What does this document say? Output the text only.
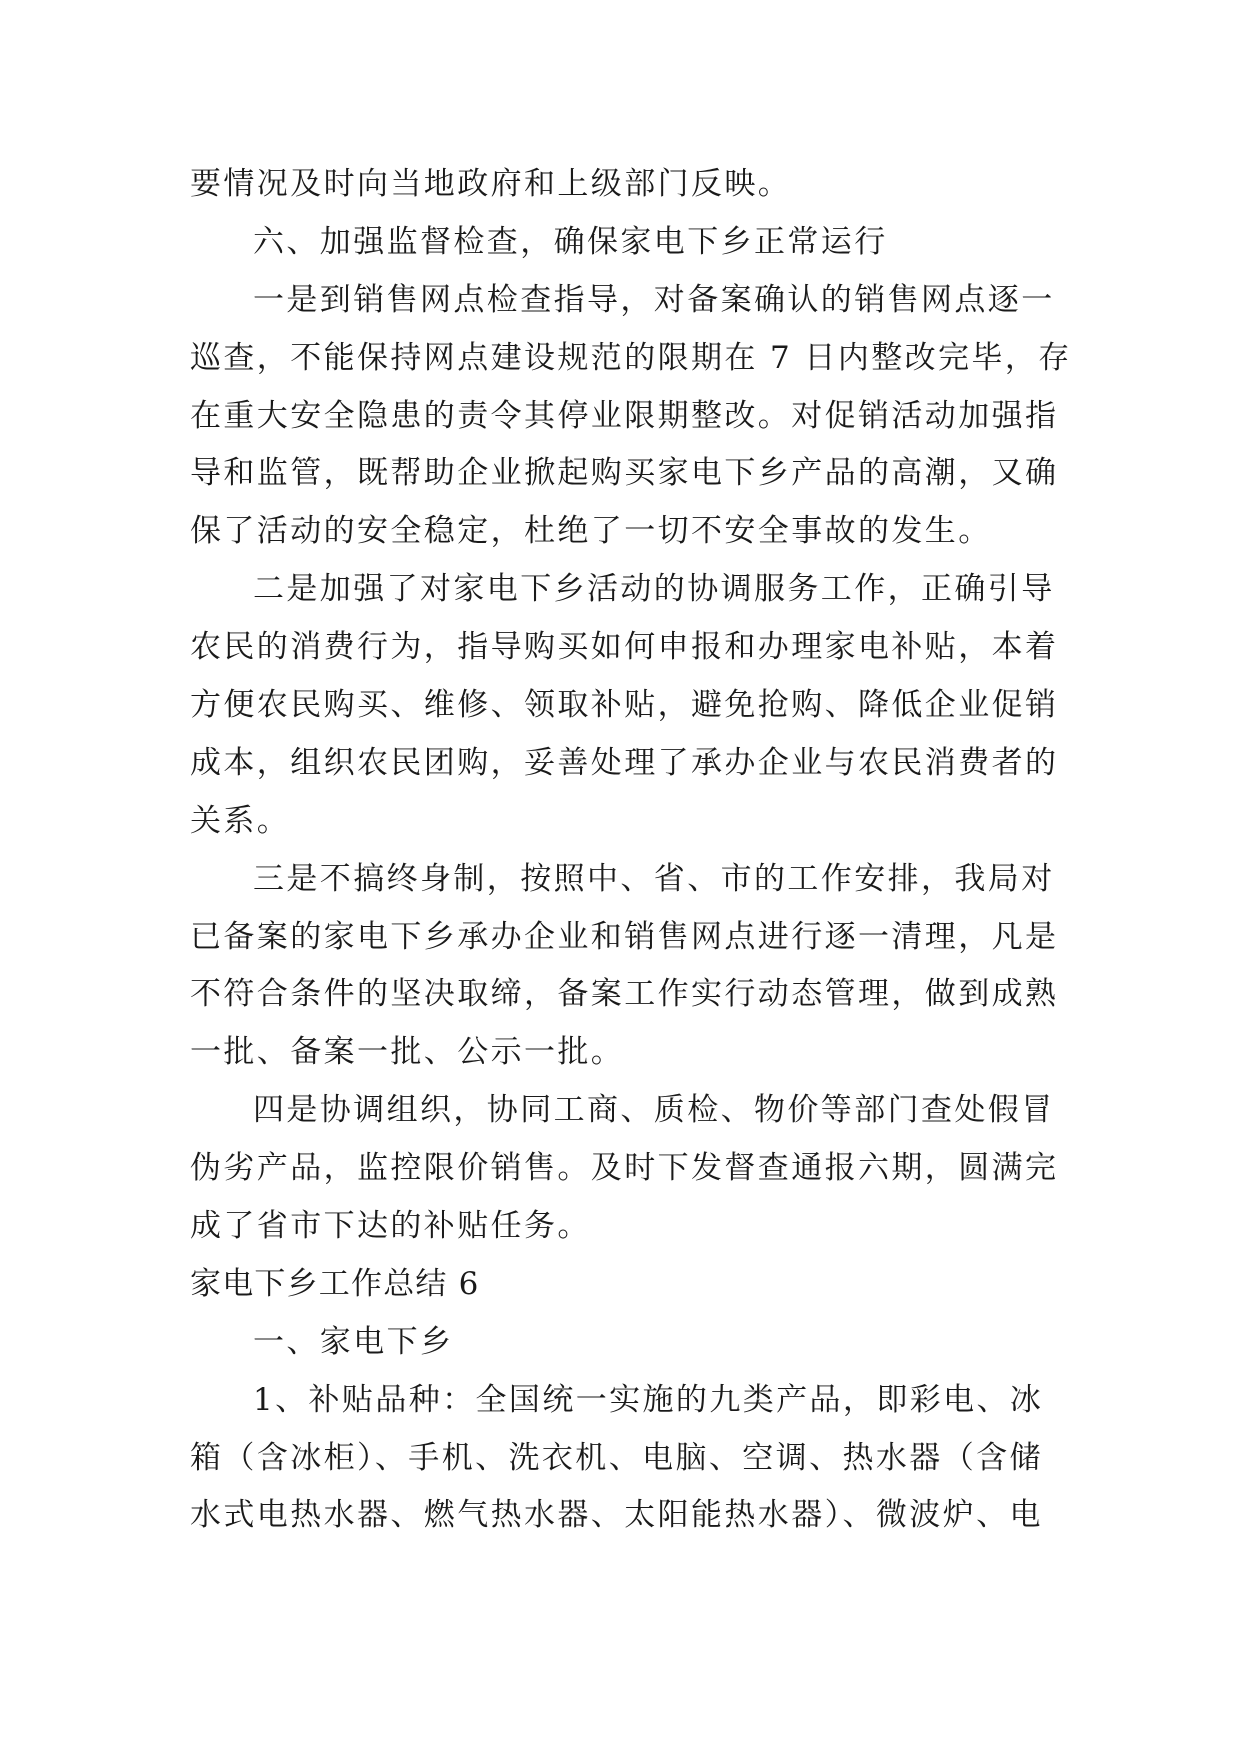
要情况及时向当地政府和上级部门反映。
六、加强监督检查，确保家电下乡正常运行
一是到销售网点检查指导，对备案确认的销售网点逐一
巡查，不能保持网点建设规范的限期在 7 日内整改完毕，存
在重大安全隐患的责令其停业限期整改。对促销活动加强指
导和监管，既帮助企业掀起购买家电下乡产品的高潮，又确
保了活动的安全稳定，杜绝了一切不安全事故的发生。
二是加强了对家电下乡活动的协调服务工作，正确引导
农民的消费行为，指导购买如何申报和办理家电补贴，本着
方便农民购买、维修、领取补贴，避免抢购、降低企业促销
成本，组织农民团购，妥善处理了承办企业与农民消费者的
关系。
三是不搞终身制，按照中、省、市的工作安排，我局对
已备案的家电下乡承办企业和销售网点进行逐一清理，凡是
不符合条件的坚决取缔，备案工作实行动态管理，做到成熟
一批、备案一批、公示一批。
四是协调组织，协同工商、质检、物价等部门查处假冒
伪劣产品，监控限价销售。及时下发督查通报六期，圆满完
成了省市下达的补贴任务。
家电下乡工作总结 6
一、家电下乡
1、补贴品种：全国统一实施的九类产品，即彩电、冰
箱（含冰柜）、手机、洗衣机、电脑、空调、热水器（含储
水式电热水器、燃气热水器、太阳能热水器）、微波炉、电
